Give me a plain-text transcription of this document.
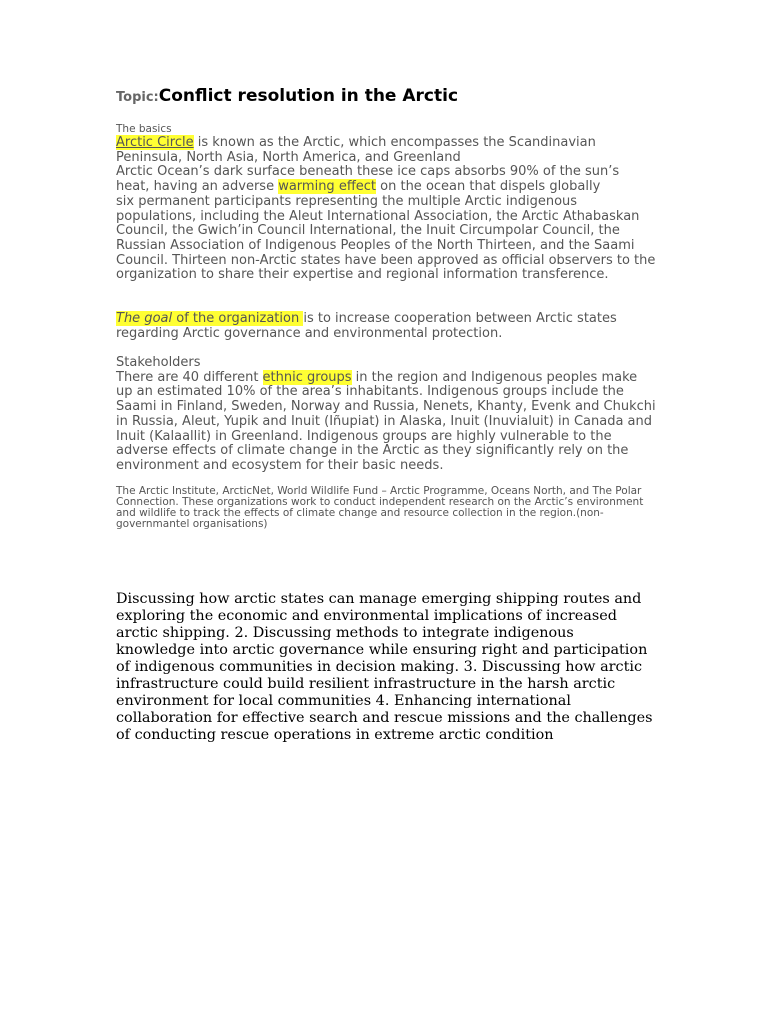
Topic:Conflict resolution in the Arctic
The basics
Arctic Circle is known as the Arctic, which encompasses the Scandinavian Peninsula, North Asia, North America, and Greenland
Arctic Ocean’s dark surface beneath these ice caps absorbs 90% of the sun’s heat, having an adverse warming effect on the ocean that dispels globally
six permanent participants representing the multiple Arctic indigenous populations, including the Aleut International Association, the Arctic Athabaskan Council, the Gwich’in Council International, the Inuit Circumpolar Council, the Russian Association of Indigenous Peoples of the North Thirteen, and the Saami Council. Thirteen non-Arctic states have been approved as official observers to the organization to share their expertise and regional information transference.
The goal of the organization is to increase cooperation between Arctic states regarding Arctic governance and environmental protection.
Stakeholders
There are 40 different ethnic groups in the region and Indigenous peoples make up an estimated 10% of the area’s inhabitants. Indigenous groups include the Saami in Finland, Sweden, Norway and Russia, Nenets, Khanty, Evenk and Chukchi in Russia, Aleut, Yupik and Inuit (Iñupiat) in Alaska, Inuit (Inuvialuit) in Canada and Inuit (Kalaallit) in Greenland. Indigenous groups are highly vulnerable to the adverse effects of climate change in the Arctic as they significantly rely on the environment and ecosystem for their basic needs.
The Arctic Institute, ArcticNet, World Wildlife Fund – Arctic Programme, Oceans North, and The Polar Connection. These organizations work to conduct independent research on the Arctic’s environment and wildlife to track the effects of climate change and resource collection in the region.(non-governmantel organisations)
Discussing how arctic states can manage emerging shipping routes and exploring the economic and environmental implications of increased arctic shipping. 2. Discussing methods to integrate indigenous knowledge into arctic governance while ensuring right and participation of indigenous communities in decision making. 3. Discussing how arctic infrastructure could build resilient infrastructure in the harsh arctic environment for local communities 4. Enhancing international collaboration for effective search and rescue missions and the challenges of conducting rescue operations in extreme arctic condition
